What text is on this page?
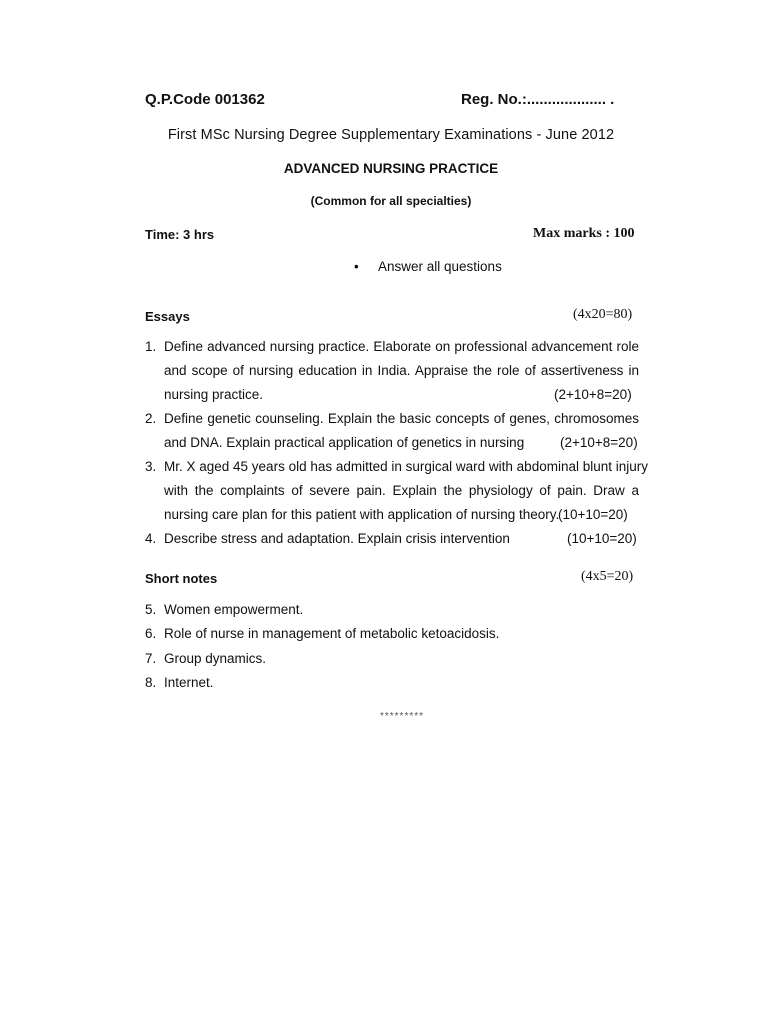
Q.P.Code 001362	Reg. No.:................... .
First MSc Nursing Degree Supplementary Examinations - June 2012
ADVANCED NURSING PRACTICE
(Common for all specialties)
Time: 3 hrs	Max marks : 100
• Answer all questions
Essays	(4x20=80)
1. Define advanced nursing practice. Elaborate on professional advancement role
and scope of nursing education in India. Appraise the role of assertiveness in
nursing practice.	(2+10+8=20)
2. Define genetic counseling. Explain the basic concepts of genes, chromosomes
and DNA. Explain practical application of genetics in nursing	(2+10+8=20)
3. Mr. X aged 45 years old has admitted in surgical ward with abdominal blunt injury
with the complaints of severe pain. Explain the physiology of pain. Draw a
nursing care plan for this patient with application of nursing theory.
(10+10=20)
4. Describe stress and adaptation. Explain crisis intervention	(10+10=20)
Short notes	(4x5=20)
5. Women empowerment.
6. Role of nurse in management of metabolic ketoacidosis.
7. Group dynamics.
8. Internet.
*********
